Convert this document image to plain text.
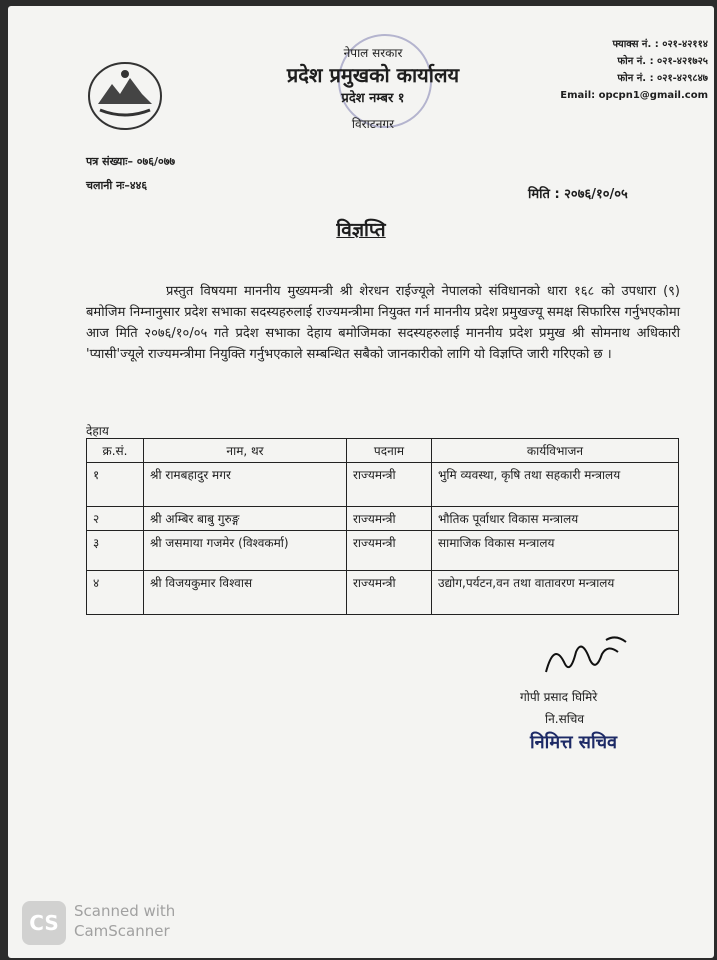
नेपाल सरकार
प्रदेश प्रमुखको कार्यालय
प्रदेश नम्बर १
विराटनगर
फ्याक्स नं. : ०२१-४२११४
फोन नं. : ०२१-४२१७२५
फोन नं. : ०२१-४२९८४७
Email: opcpn1@gmail.com
पत्र संख्याः– ०७६/०७७
चलानी नः–४४६
मिति : २०७६/१०/०५
विज्ञप्ति
प्रस्तुत विषयमा माननीय मुख्यमन्त्री श्री शेरधन राईज्यूले नेपालको संविधानको धारा १६८ को उपधारा (९) बमोजिम निम्नानुसार प्रदेश सभाका सदस्यहरुलाई राज्यमन्त्रीमा नियुक्त गर्न माननीय प्रदेश प्रमुखज्यू समक्ष सिफारिस गर्नुभएकोमा आज मिति २०७६/१०/०५ गते प्रदेश सभाका देहाय बमोजिमका सदस्यहरुलाई माननीय प्रदेश प्रमुख श्री सोमनाथ अधिकारी 'प्यासी'ज्यूले राज्यमन्त्रीमा नियुक्ति गर्नुभएकाले सम्बन्धित सबैको जानकारीको लागि यो विज्ञप्ति जारी गरिएको छ ।
देहाय
क्र.सं.	नाम, थर	पदनाम	कार्यविभाजन
१	श्री रामबहादुर मगर	राज्यमन्त्री	भुमि व्यवस्था, कृषि तथा सहकारी मन्त्रालय
२	श्री अम्बिर बाबु गुरुङ्ग	राज्यमन्त्री	भौतिक पूर्वाधार विकास मन्त्रालय
३	श्री जसमाया गजमेर (विश्वकर्मा)	राज्यमन्त्री	सामाजिक विकास मन्त्रालय
४	श्री विजयकुमार विश्वास	राज्यमन्त्री	उद्योग,पर्यटन,वन तथा वातावरण मन्त्रालय
गोपी प्रसाद घिमिरे
नि.सचिव
निमित्त सचिव
CS	Scanned with
CamScanner
